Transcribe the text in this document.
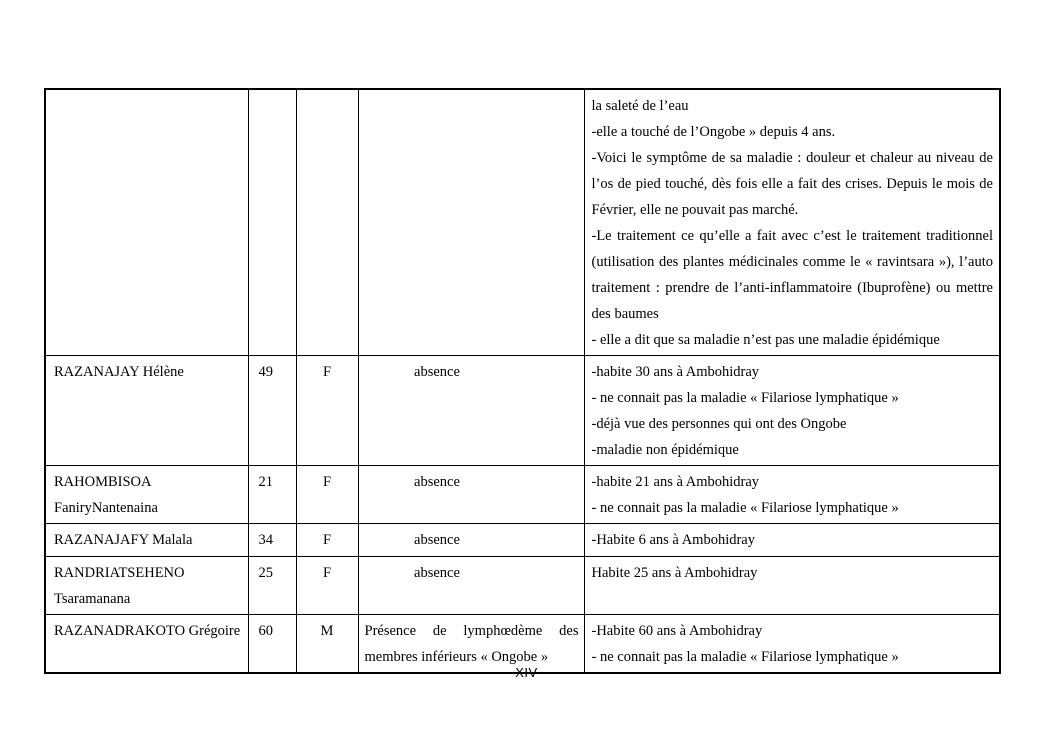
				la saleté de l’eau

-elle a touché de l’Ongobe » depuis 4 ans.

-Voici le symptôme de sa maladie : douleur et chaleur au niveau de l’os de pied touché, dès fois elle a fait des crises. Depuis le mois de Février, elle ne pouvait pas marché.

-Le traitement ce qu’elle a fait avec c’est le traitement traditionnel (utilisation des plantes médicinales comme le « ravintsara »), l’auto traitement : prendre de l’anti-inflammatoire (Ibuprofène) ou mettre des baumes

- elle a dit que sa maladie n’est pas une maladie épidémique

RAZANAJAY Hélène	49	F	absence	-habite 30 ans à Ambohidray

- ne connait pas la maladie « Filariose lymphatique »

-déjà vue des personnes qui ont des Ongobe

-maladie non épidémique

RAHOMBISOA FaniryNantenaina	21	F	absence	-habite 21 ans à Ambohidray

- ne connait pas la maladie « Filariose lymphatique »

RAZANAJAFY Malala	34	F	absence	-Habite 6 ans à Ambohidray

RANDRIATSEHENO Tsaramanana	25	F	absence	Habite 25 ans à Ambohidray

RAZANADRAKOTO Grégoire	60	M	Présence de lymphœdème des membres inférieurs « Ongobe »	-Habite 60 ans à Ambohidray

- ne connait pas la maladie « Filariose lymphatique »

XIV
